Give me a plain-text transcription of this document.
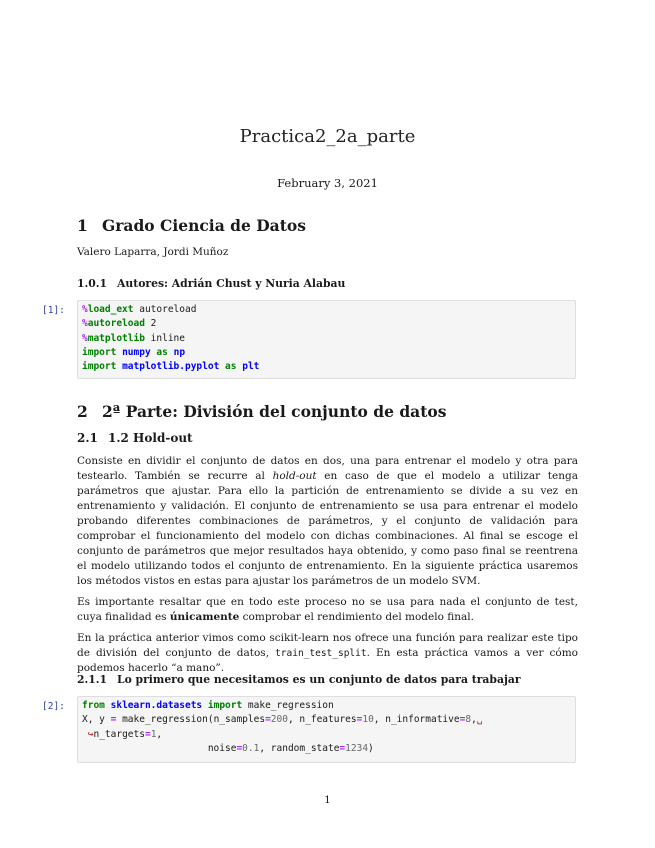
Practica2_2a_parte
February 3, 2021
1 Grado Ciencia de Datos
Valero Laparra, Jordi Muñoz
1.0.1 Autores: Adrián Chust y Nuria Alabau
[1]:	%load_ext autoreload
%autoreload 2
%matplotlib inline
import numpy as np
import matplotlib.pyplot as plt
2 2ª Parte: División del conjunto de datos
2.1 1.2 Hold-out

Consiste en dividir el conjunto de datos en dos, una para entrenar el modelo y otra para testearlo. También se recurre al hold-out en caso de que el modelo a utilizar tenga parámetros que ajustar. Para ello la partición de entrenamiento se divide a su vez en entrenamiento y validación. El conjunto de entrenamiento se usa para entrenar el modelo probando diferentes combinaciones de parámetros, y el conjunto de validación para comprobar el funcionamiento del modelo con dichas combinaciones. Al final se escoge el conjunto de parámetros que mejor resultados haya obtenido, y como paso final se reentrena el modelo utilizando todos el conjunto de entrenamiento. En la siguiente práctica usaremos los métodos vistos en estas para ajustar los parámetros de un modelo SVM.

Es importante resaltar que en todo este proceso no se usa para nada el conjunto de test, cuya finalidad es únicamente comprobar el rendimiento del modelo final.

En la práctica anterior vimos como scikit-learn nos ofrece una función para realizar este tipo de división del conjunto de datos, train_test_split. En esta práctica vamos a ver cómo podemos hacerlo “a mano”.

2.1.1 Lo primero que necesitamos es un conjunto de datos para trabajar
[2]:	from sklearn.datasets import make_regression
X, y = make_regression(n_samples=200, n_features=10, n_informative=8,␣
↪n_targets=1,
noise=0.1, random_state=1234)
1
